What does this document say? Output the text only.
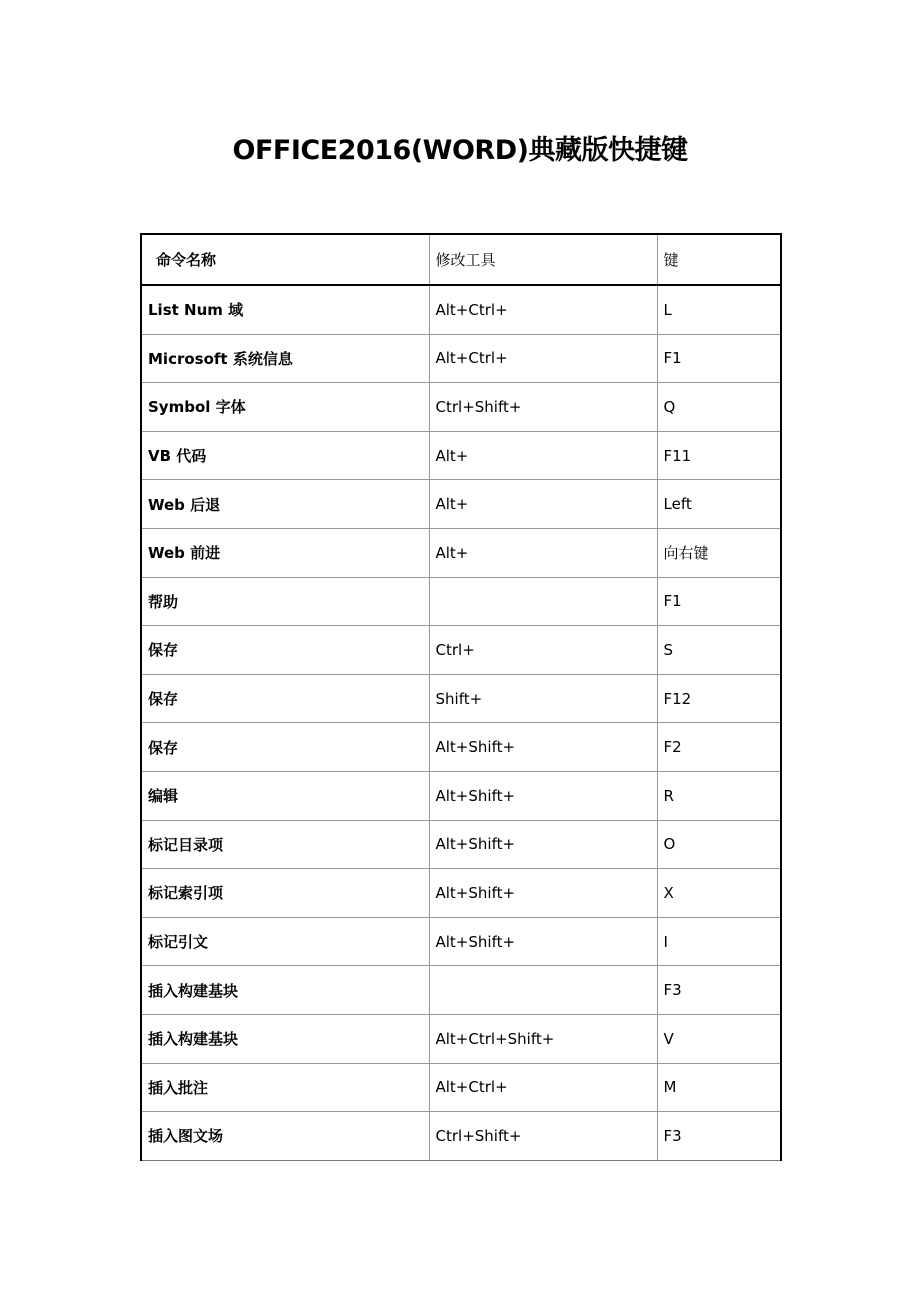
OFFICE2016(WORD)典藏版快捷键
命令名称	修改工具	键
List Num 域	Alt+Ctrl+	L
Microsoft 系统信息	Alt+Ctrl+	F1
Symbol 字体	Ctrl+Shift+	Q
VB 代码	Alt+	F11
Web 后退	Alt+	Left
Web 前进	Alt+	向右键
帮助		F1
保存	Ctrl+	S
保存	Shift+	F12
保存	Alt+Shift+	F2
编辑	Alt+Shift+	R
标记目录项	Alt+Shift+	O
标记索引项	Alt+Shift+	X
标记引文	Alt+Shift+	I
插入构建基块		F3
插入构建基块	Alt+Ctrl+Shift+	V
插入批注	Alt+Ctrl+	M
插入图文场	Ctrl+Shift+	F3
